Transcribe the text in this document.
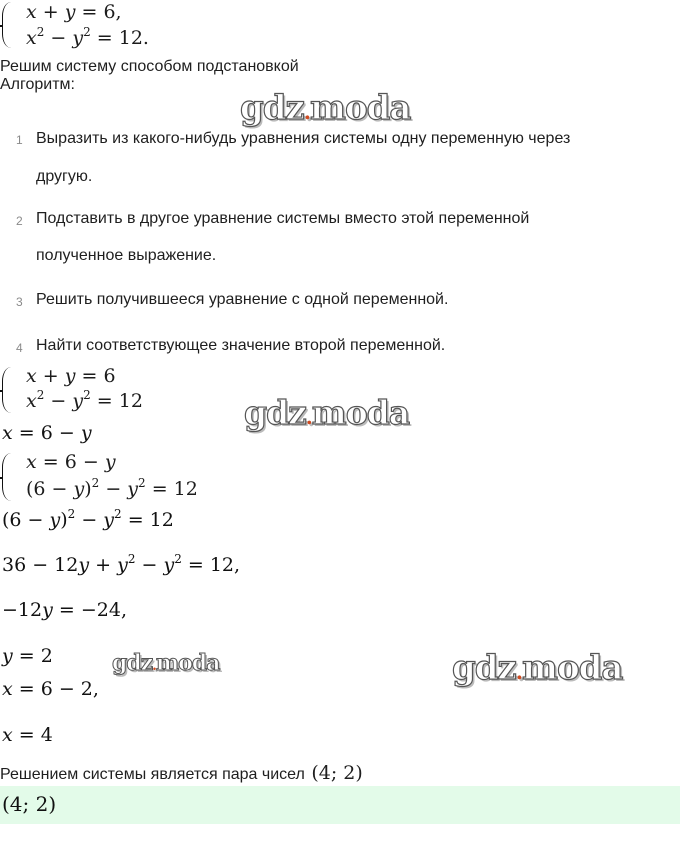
x + y = 6,
$x^2 - y^2 = 12$.
Решим систему способом подстановкой
Алгоритм:
gdz.moda
1 Выразить из какого-нибудь уравнения системы одну переменную через
другую.
2 Подставить в другое уравнение системы вместо этой переменной
полученное выражение.
3 Решить получившееся уравнение с одной переменной.
4 Найти соответствующее значение второй переменной.
x + y = 6
$x^2 - y^2 = 12$	gdz.moda
x = 6 − y
x = 6 − y
$(6 - y)^2 - y^2 = 12$
$(6 - y)^2 - y^2 = 12$
$36 - 12y + y^2 - y^2 = 12$,
−12y = −24,
y = 2	gdz.moda	gdz.moda
x = 6 − 2,
x = 4
Решением системы является пара чисел (4; 2)
(4; 2)
